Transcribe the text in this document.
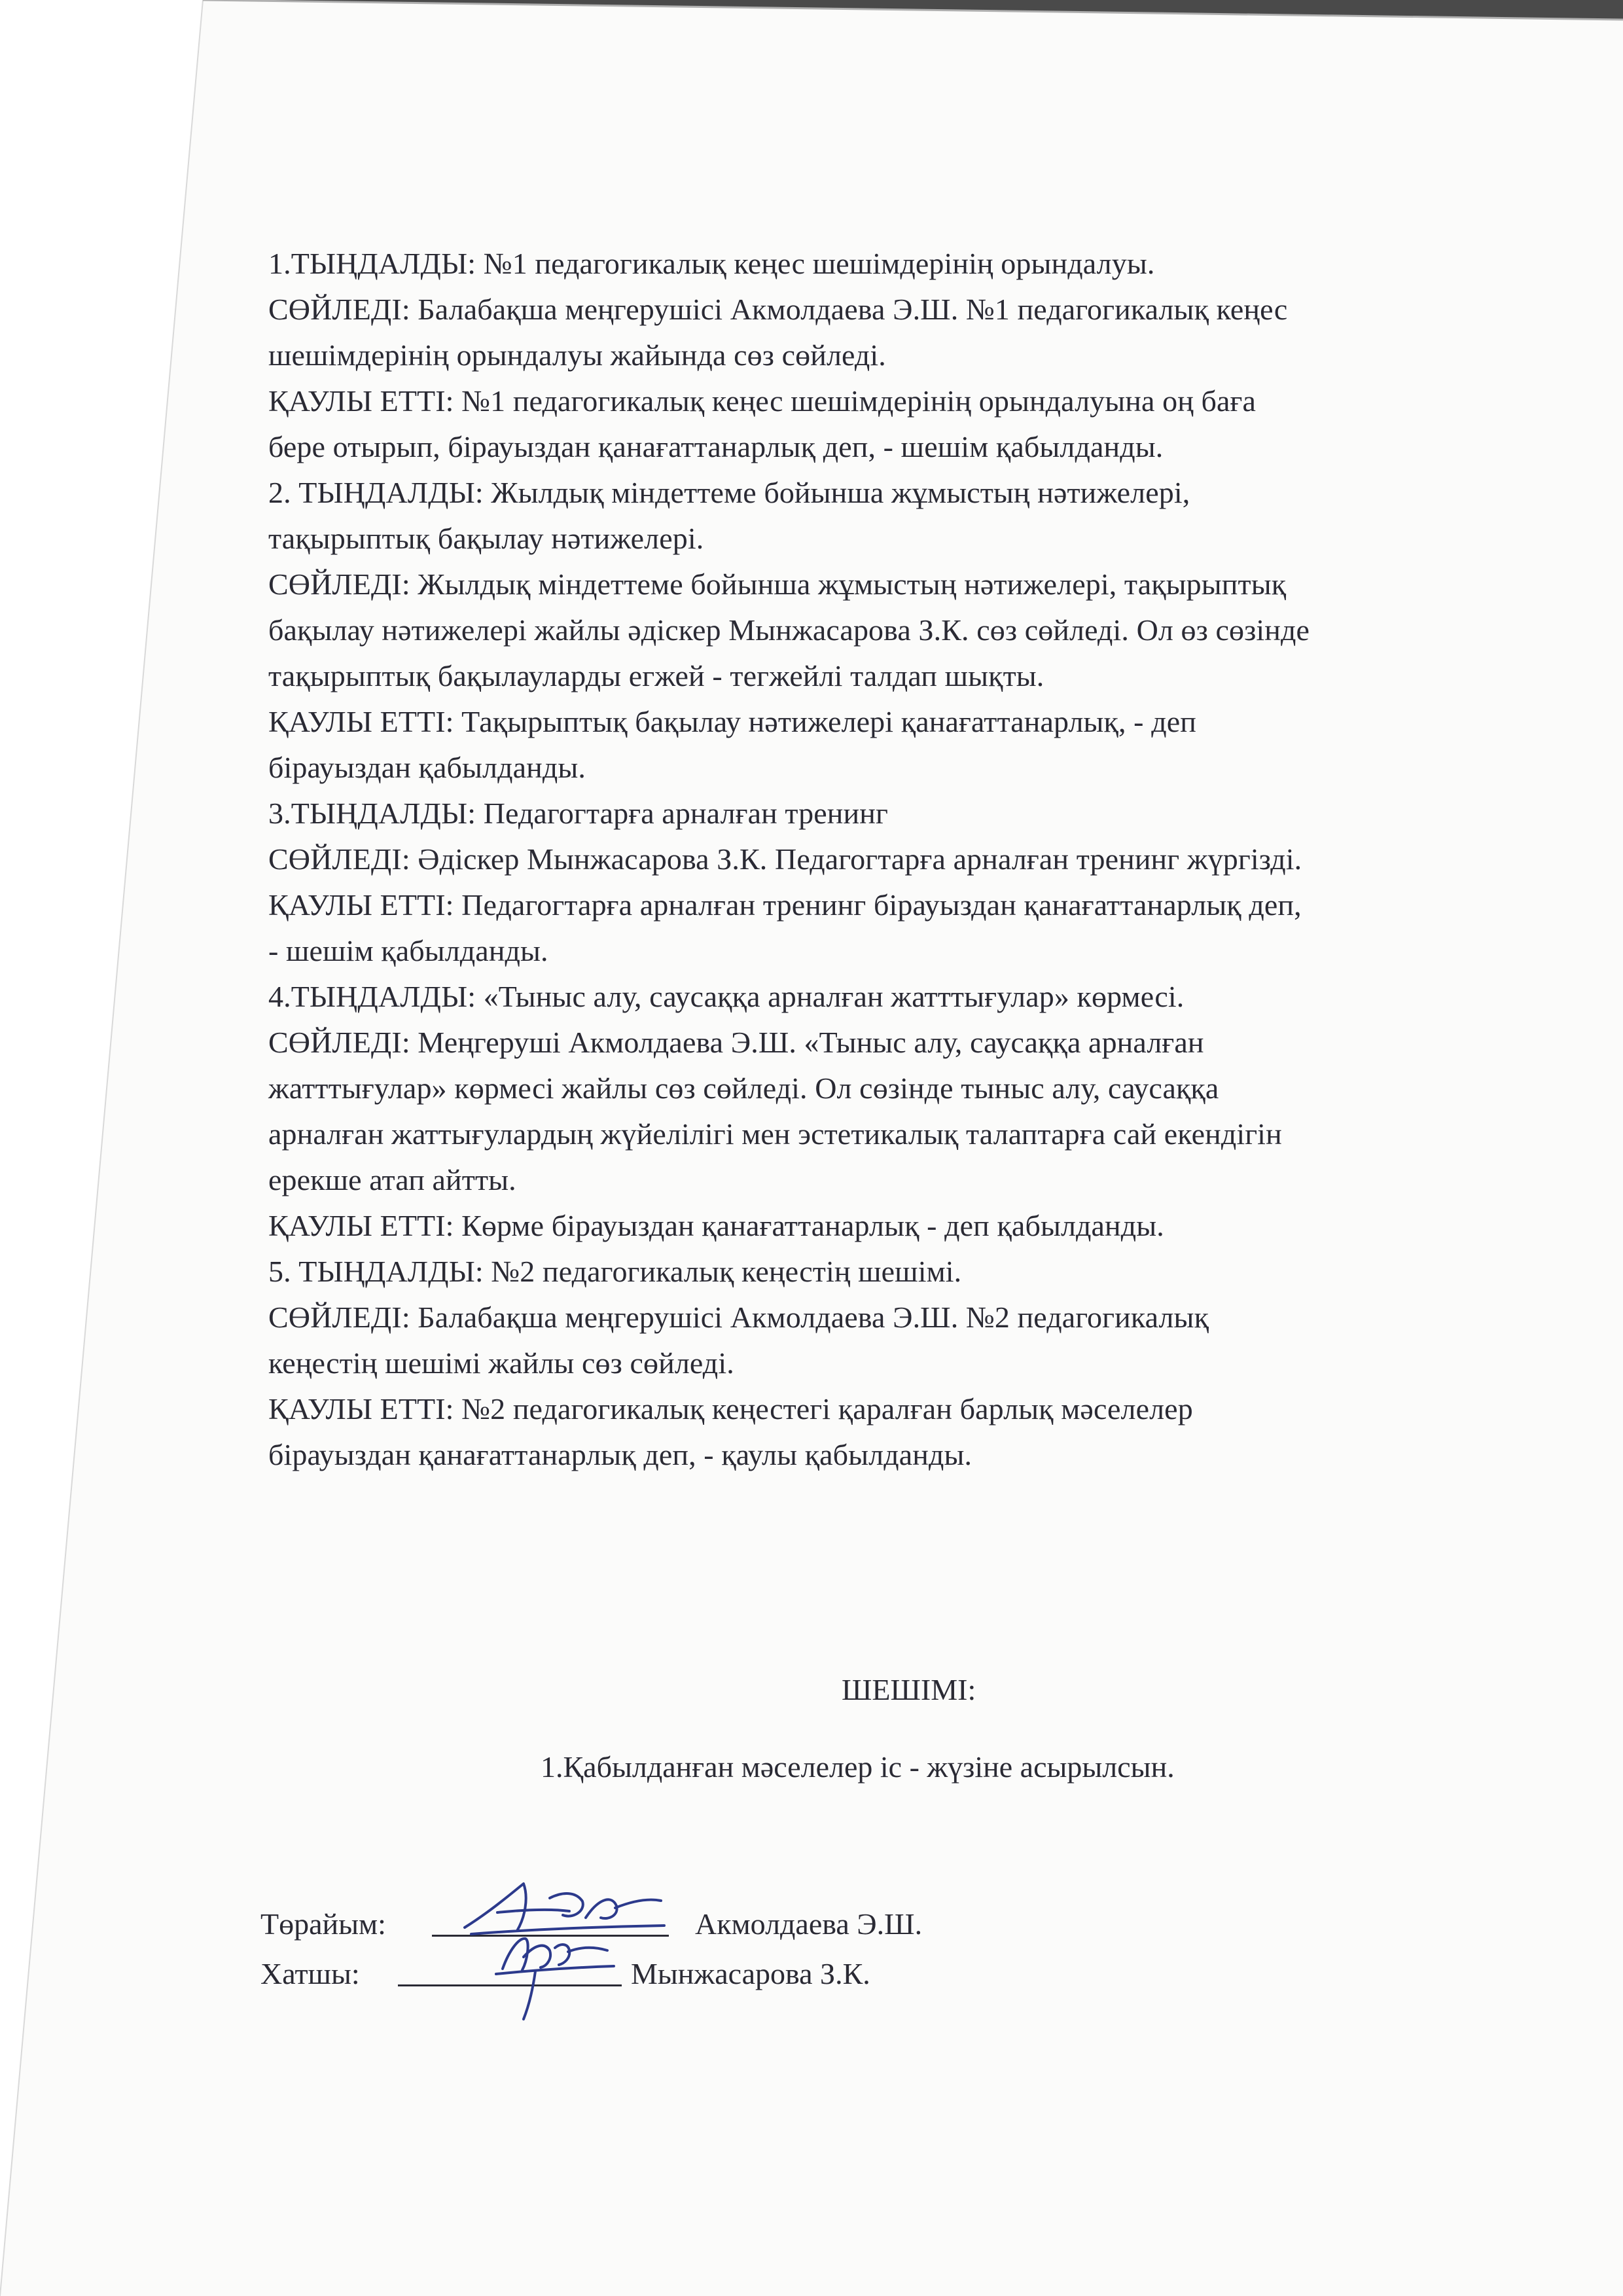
1.ТЫҢДАЛДЫ: №1 педагогикалық кеңес шешімдерінің орындалуы.

СӨЙЛЕДІ: Балабақша меңгерушісі Акмолдаева Э.Ш. №1 педагогикалық кеңес

шешімдерінің орындалуы жайында сөз сөйледі.

ҚАУЛЫ ЕТТІ: №1 педагогикалық кеңес шешімдерінің орындалуына оң баға

бере отырып, бірауыздан қанағаттанарлық деп, - шешім қабылданды.

2. ТЫҢДАЛДЫ: Жылдық міндеттеме бойынша жұмыстың нәтижелері,

тақырыптық бақылау нәтижелері.

СӨЙЛЕДІ: Жылдық міндеттеме бойынша жұмыстың нәтижелері, тақырыптық

бақылау нәтижелері жайлы әдіскер Мынжасарова З.К. сөз сөйледі. Ол өз сөзінде

тақырыптық бақылауларды егжей - тегжейлі талдап шықты.

ҚАУЛЫ ЕТТІ: Тақырыптық бақылау нәтижелері қанағаттанарлық, - деп

бірауыздан қабылданды.

3.ТЫҢДАЛДЫ: Педагогтарға арналған тренинг

СӨЙЛЕДІ: Әдіскер Мынжасарова З.К. Педагогтарға арналған тренинг жүргізді.

ҚАУЛЫ ЕТТІ: Педагогтарға арналған тренинг бірауыздан қанағаттанарлық деп,

- шешім қабылданды.

4.ТЫҢДАЛДЫ: «Тыныс алу, саусаққа арналған жатттығулар» көрмесі.

СӨЙЛЕДІ: Меңгеруші Акмолдаева Э.Ш. «Тыныс алу, саусаққа арналған

жатттығулар» көрмесі жайлы сөз сөйледі. Ол сөзінде тыныс алу, саусаққа

арналған жаттығулардың жүйелілігі мен эстетикалық талаптарға сай екендігін

ерекше атап айтты.

ҚАУЛЫ ЕТТІ: Көрме бірауыздан қанағаттанарлық - деп қабылданды.

5. ТЫҢДАЛДЫ: №2 педагогикалық кеңестің шешімі.

СӨЙЛЕДІ: Балабақша меңгерушісі Акмолдаева Э.Ш. №2 педагогикалық

кеңестің шешімі жайлы сөз сөйледі.

ҚАУЛЫ ЕТТІ: №2 педагогикалық кеңестегі қаралған барлық мәселелер

бірауыздан қанағаттанарлық деп, - қаулы қабылданды.

ШЕШІМІ:
1.Қабылданған мәселелер іс - жүзіне асырылсын.
Төрайым:	Акмолдаева Э.Ш.
Хатшы:	Мынжасарова З.К.
